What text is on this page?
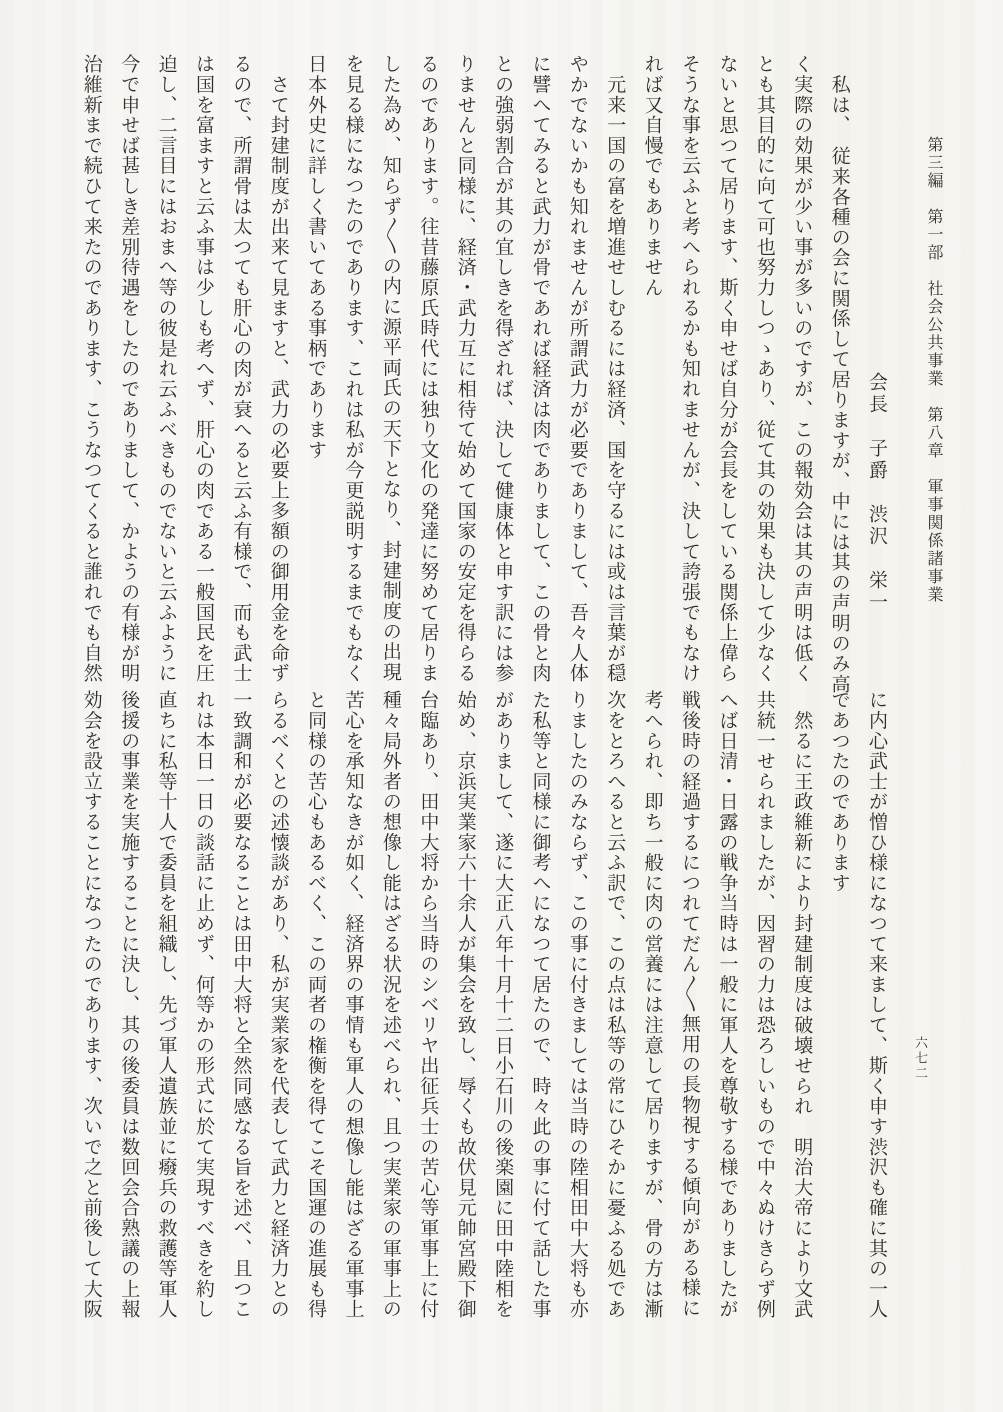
第三編　第一部　社会公共事業　第八章　軍事関係諸事業
六七二
会長　子爵　渋沢　栄一
　私は、　従来各種の会に関係して居りますが、中には其の声明のみ高
く実際の効果が少い事が多いのですが、この報効会は其の声明は低く
とも其目的に向て可也努力しつゝあり、従て其の効果も決して少なく
ないと思つて居ります、斯く申せば自分が会長をしている関係上偉ら
そうな事を云ふと考へられるかも知れませんが、決して誇張でもなけ
れば又自慢でもありません
　元来一国の富を増進せしむるには経済、国を守るには或は言葉が穏
やかでないかも知れませんが所謂武力が必要でありまして、吾々人体
に譬へてみると武力が骨であれば経済は肉でありまして、この骨と肉
との強弱割合が其の宜しきを得ざれば、決して健康体と申す訳には参
りませんと同様に、経済・武力互に相待て始めて国家の安定を得らる
るのであります。往昔藤原氏時代には独り文化の発達に努めて居りま
した為め、知らず〳〵の内に源平両氏の天下となり、封建制度の出現
を見る様になつたのであります、これは私が今更説明するまでもなく
日本外史に詳しく書いてある事柄であります
　さて封建制度が出来て見ますと、武力の必要上多額の御用金を命ず
るので、所謂骨は太つても肝心の肉が衰へると云ふ有様で、而も武士
は国を富ますと云ふ事は少しも考へず、肝心の肉である一般国民を圧
迫し、二言目にはおまへ等の彼是れ云ふべきものでないと云ふように
今で申せば甚しき差別待遇をしたのでありまして、かようの有様が明
治維新まで続ひて来たのであります、こうなつてくると誰れでも自然
に内心武士が憎ひ様になつて来まして、斯く申す渋沢も確に其の一人
であつたのであります
　然るに王政維新により封建制度は破壊せられ　明治大帝により文武
共統一せられましたが、因習の力は恐ろしいもので中々ぬけきらず例
へば日清・日露の戦争当時は一般に軍人を尊敬する様でありましたが
戦後時の経過するにつれてだん〳〵無用の長物視する傾向がある様に
考へられ、即ち一般に肉の営養には注意して居りますが、骨の方は漸
次をとろへると云ふ訳で、この点は私等の常にひそかに憂ふる処であ
りましたのみならず、この事に付きましては当時の陸相田中大将も亦
た私等と同様に御考へになつて居たので、時々此の事に付て話した事
がありまして、遂に大正八年十月十二日小石川の後楽園に田中陸相を
始め、京浜実業家六十余人が集会を致し、辱くも故伏見元帥宮殿下御
台臨あり、田中大将から当時のシベリヤ出征兵士の苦心等軍事上に付
種々局外者の想像し能はざる状況を述べられ、且つ実業家の軍事上の
苦心を承知なきが如く、経済界の事情も軍人の想像し能はざる軍事上
と同様の苦心もあるべく、この両者の権衡を得てこそ国運の進展も得
らるべくとの述懐談があり、私が実業家を代表して武力と経済力との
一致調和が必要なることは田中大将と全然同感なる旨を述べ、且つこ
れは本日一日の談話に止めず、何等かの形式に於て実現すべきを約し
直ちに私等十人で委員を組織し、先づ軍人遺族並に癈兵の救護等軍人
後援の事業を実施することに決し、其の後委員は数回会合熟議の上報
効会を設立することになつたのであります、次いで之と前後して大阪
